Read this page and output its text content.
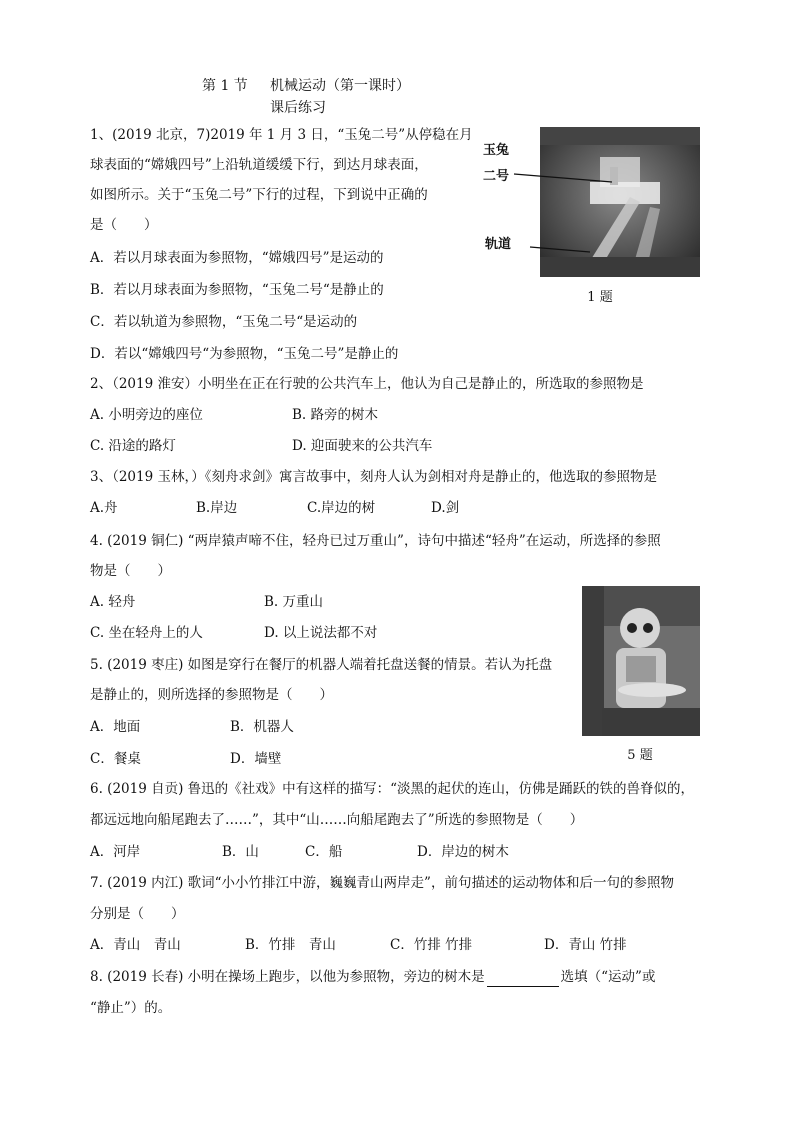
第 1 节 机械运动（第一课时）
课后练习
玉兔
二号
轨道
1 题
1、(2019 北京，7)2019 年 1 月 3 日，“玉兔二号”从停稳在月
球表面的“嫦娥四号”上沿轨道缓缓下行，到达月球表面，
如图所示。关于“玉兔二号”下行的过程，下到说中正确的
是（　　）
A．若以月球表面为参照物，“嫦娥四号”是运动的
B．若以月球表面为参照物，“玉兔二号“是静止的
C．若以轨道为参照物，“玉兔二号“是运动的
D．若以“嫦娥四号“为参照物，“玉兔二号”是静止的
2、（2019 淮安）小明坐在正在行驶的公共汽车上，他认为自己是静止的，所选取的参照物是
A. 小明旁边的座位	B. 路旁的树木
C. 沿途的路灯	D. 迎面驶来的公共汽车
3、（2019 玉林，）《刻舟求剑》寓言故事中，刻舟人认为剑相对舟是静止的，他选取的参照物是
A.舟	B.岸边	C.岸边的树	D.剑
4. (2019 铜仁) “两岸猿声啼不住，轻舟已过万重山”，诗句中描述“轻舟”在运动，所选择的参照
物是（　　）
A. 轻舟	B. 万重山
C. 坐在轻舟上的人	D. 以上说法都不对
5 题
5. (2019 枣庄) 如图是穿行在餐厅的机器人端着托盘送餐的情景。若认为托盘
是静止的，则所选择的参照物是（　　）
A．地面	B．机器人
C．餐桌	D．墙壁
6. (2019 自贡) 鲁迅的《社戏》中有这样的描写：“淡黑的起伏的连山，仿佛是踊跃的铁的兽脊似的，
都远远地向船尾跑去了……”，其中“山……向船尾跑去了”所选的参照物是（　　）
A．河岸	B．山	C．船	D．岸边的树木
7. (2019 内江) 歌词“小小竹排江中游，巍巍青山两岸走”，前句描述的运动物体和后一句的参照物
分别是（　　）
A．青山　青山	B．竹排　青山	C．竹排 竹排	D．青山 竹排
8. (2019 长春) 小明在操场上跑步，以他为参照物，旁边的树木是	选填（“运动”或
“静止”）的。
